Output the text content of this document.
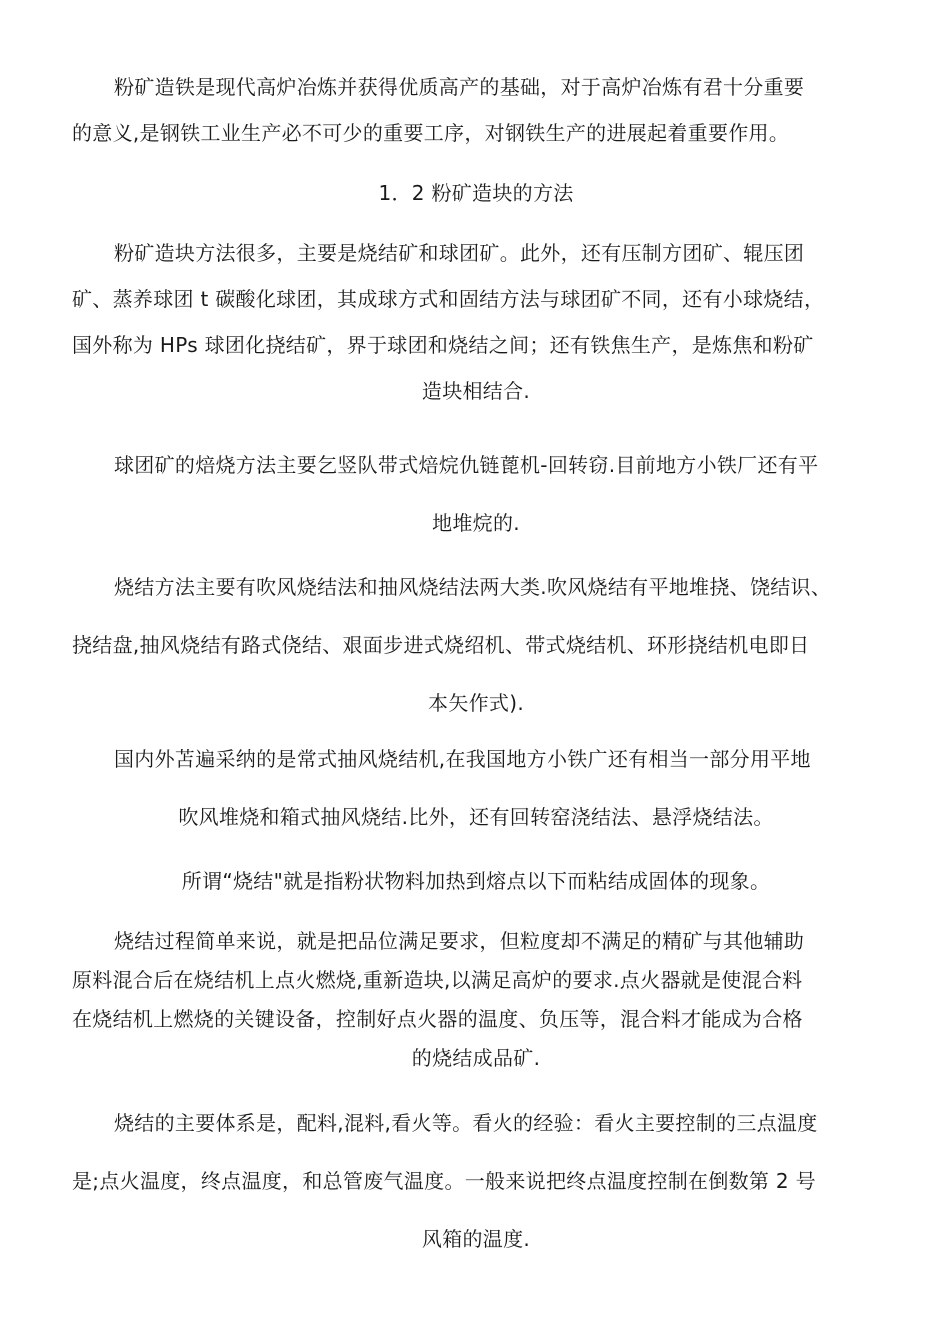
粉矿造铁是现代高炉冶炼并获得优质高产的基础，对于高炉冶炼有君十分重要
的意义,是钢铁工业生产必不可少的重要工序，对钢铁生产的进展起着重要作用。
1．2 粉矿造块的方法
粉矿造块方法很多，主要是烧结矿和球团矿。此外，还有压制方团矿、辊压团
矿、蒸养球团 t 碳酸化球团，其成球方式和固结方法与球团矿不同，还有小球烧结，
国外称为 HPs 球团化挠结矿，界于球团和烧结之间；还有铁焦生产，是炼焦和粉矿
造块相结合.
球团矿的焙烧方法主要乞竖队带式焙烷仇链蓖机-回转窃.目前地方小铁厂还有平
地堆烷的.
烧结方法主要有吹风烧结法和抽风烧结法两大类.吹风烧结有平地堆挠、饶结识、
挠结盘,抽风烧结有路式侥结、艰面步进式烧绍机、带式烧结机、环形挠结机电即日
本矢作式).
国内外苫遍采纳的是常式抽风烧结机,在我国地方小铁广还有相当一部分用平地
吹风堆烧和箱式抽风烧结.比外，还有回转窑浇结法、悬浮烧结法。
所谓“烧结"就是指粉状物料加热到熔点以下而粘结成固体的现象。
烧结过程简单来说，就是把品位满足要求，但粒度却不满足的精矿与其他辅助
原料混合后在烧结机上点火燃烧,重新造块,以满足高炉的要求.点火器就是使混合料
在烧结机上燃烧的关键设备，控制好点火器的温度、负压等，混合料才能成为合格
的烧结成品矿.
烧结的主要体系是，配料,混料,看火等。看火的经验：看火主要控制的三点温度
是;点火温度，终点温度，和总管废气温度。一般来说把终点温度控制在倒数第 2 号
风箱的温度.
